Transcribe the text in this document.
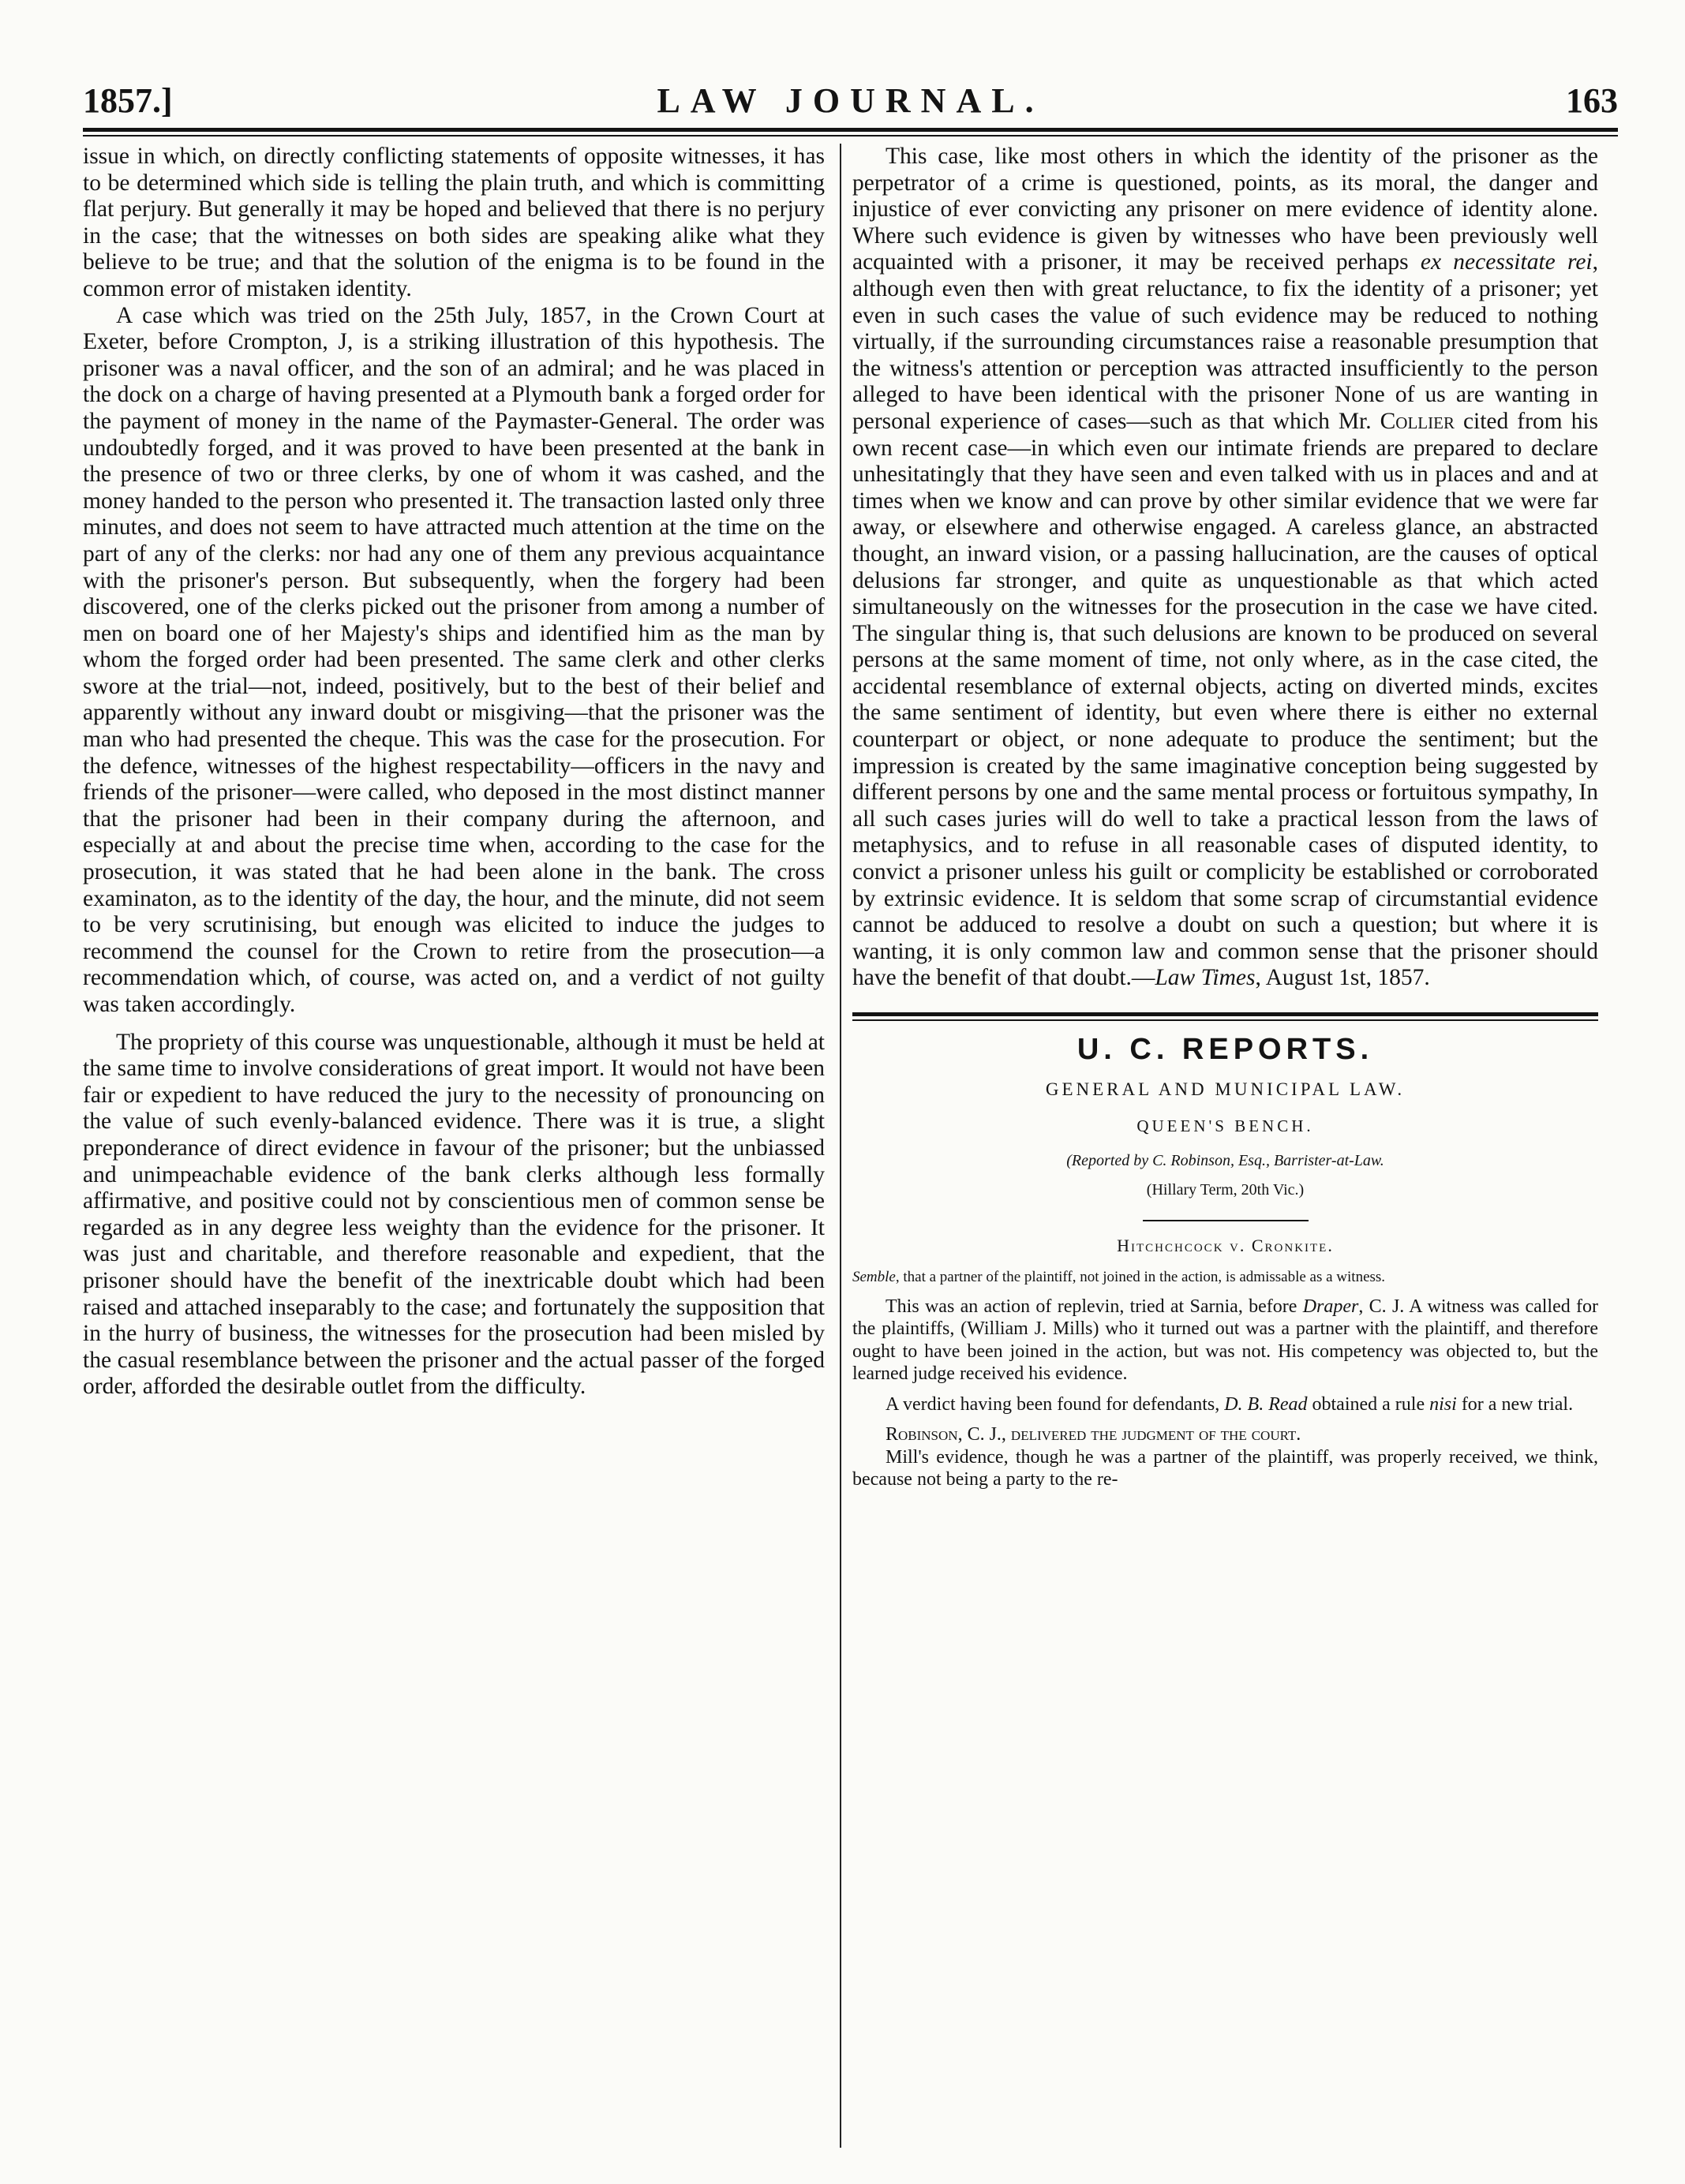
LAW JOURNAL.
1857.]	163

issue in which, on directly conflicting statements of opposite witnesses, it has to be determined which side is telling the plain truth, and which is committing flat perjury. But generally it may be hoped and believed that there is no perjury in the case; that the witnesses on both sides are speaking alike what they believe to be true; and that the solution of the enigma is to be found in the common error of mistaken identity.

A case which was tried on the 25th July, 1857, in the Crown Court at Exeter, before Crompton, J, is a striking illustration of this hypothesis. The prisoner was a naval officer, and the son of an admiral; and he was placed in the dock on a charge of having presented at a Plymouth bank a forged order for the payment of money in the name of the Paymaster-General. The order was undoubtedly forged, and it was proved to have been presented at the bank in the presence of two or three clerks, by one of whom it was cashed, and the money handed to the person who presented it. The transaction lasted only three minutes, and does not seem to have attracted much attention at the time on the part of any of the clerks: nor had any one of them any previous acquaintance with the prisoner's person. But subsequently, when the forgery had been discovered, one of the clerks picked out the prisoner from among a number of men on board one of her Majesty's ships and identified him as the man by whom the forged order had been presented. The same clerk and other clerks swore at the trial—not, indeed, positively, but to the best of their belief and apparently without any inward doubt or misgiving—that the prisoner was the man who had presented the cheque. This was the case for the prosecution. For the defence, witnesses of the highest respectability—officers in the navy and friends of the prisoner—were called, who deposed in the most distinct manner that the prisoner had been in their company during the afternoon, and especially at and about the precise time when, according to the case for the prosecution, it was stated that he had been alone in the bank. The cross examinaton, as to the identity of the day, the hour, and the minute, did not seem to be very scrutinising, but enough was elicited to induce the judges to recommend the counsel for the Crown to retire from the prosecution—a recommendation which, of course, was acted on, and a verdict of not guilty was taken accordingly.

The propriety of this course was unquestionable, although it must be held at the same time to involve considerations of great import. It would not have been fair or expedient to have reduced the jury to the necessity of pronouncing on the value of such evenly-balanced evidence. There was it is true, a slight preponderance of direct evidence in favour of the prisoner; but the unbiassed and unimpeachable evidence of the bank clerks although less formally affirmative, and positive could not by conscientious men of common sense be regarded as in any degree less weighty than the evidence for the prisoner. It was just and charitable, and therefore reasonable and expedient, that the prisoner should have the benefit of the inextricable doubt which had been raised and attached inseparably to the case; and fortunately the supposition that in the hurry of business, the witnesses for the prosecution had been misled by the casual resemblance between the prisoner and the actual passer of the forged order, afforded the desirable outlet from the difficulty.

This case, like most others in which the identity of the prisoner as the perpetrator of a crime is questioned, points, as its moral, the danger and injustice of ever convicting any prisoner on mere evidence of identity alone. Where such evidence is given by witnesses who have been previously well acquainted with a prisoner, it may be received perhaps ex necessitate rei, although even then with great reluctance, to fix the identity of a prisoner; yet even in such cases the value of such evidence may be reduced to nothing virtually, if the surrounding circumstances raise a reasonable presumption that the witness's attention or perception was attracted insufficiently to the person alleged to have been identical with the prisoner None of us are wanting in personal experience of cases—such as that which Mr. Collier cited from his own recent case—in which even our intimate friends are prepared to declare unhesitatingly that they have seen and even talked with us in places and and at times when we know and can prove by other similar evidence that we were far away, or elsewhere and otherwise engaged. A careless glance, an abstracted thought, an inward vision, or a passing hallucination, are the causes of optical delusions far stronger, and quite as unquestionable as that which acted simultaneously on the witnesses for the prosecution in the case we have cited. The singular thing is, that such delusions are known to be produced on several persons at the same moment of time, not only where, as in the case cited, the accidental resemblance of external objects, acting on diverted minds, excites the same sentiment of identity, but even where there is either no external counterpart or object, or none adequate to produce the sentiment; but the impression is created by the same imaginative conception being suggested by different persons by one and the same mental process or fortuitous sympathy, In all such cases juries will do well to take a practical lesson from the laws of metaphysics, and to refuse in all reasonable cases of disputed identity, to convict a prisoner unless his guilt or complicity be established or corroborated by extrinsic evidence. It is seldom that some scrap of circumstantial evidence cannot be adduced to resolve a doubt on such a question; but where it is wanting, it is only common law and common sense that the prisoner should have the benefit of that doubt.—Law Times, August 1st, 1857.

U. C. REPORTS.
GENERAL AND MUNICIPAL LAW.
QUEEN'S BENCH.
(Reported by C. Robinson, Esq., Barrister-at-Law.
(Hillary Term, 20th Vic.)
Hitchchcock v. Cronkite.

Semble, that a partner of the plaintiff, not joined in the action, is admissable as a witness.

This was an action of replevin, tried at Sarnia, before Draper, C. J. A witness was called for the plaintiffs, (William J. Mills) who it turned out was a partner with the plaintiff, and therefore ought to have been joined in the action, but was not. His competency was objected to, but the learned judge received his evidence.

A verdict having been found for defendants, D. B. Read obtained a rule nisi for a new trial.

Robinson, C. J., delivered the judgment of the court.

Mill's evidence, though he was a partner of the plaintiff, was properly received, we think, because not being a party to the re-
